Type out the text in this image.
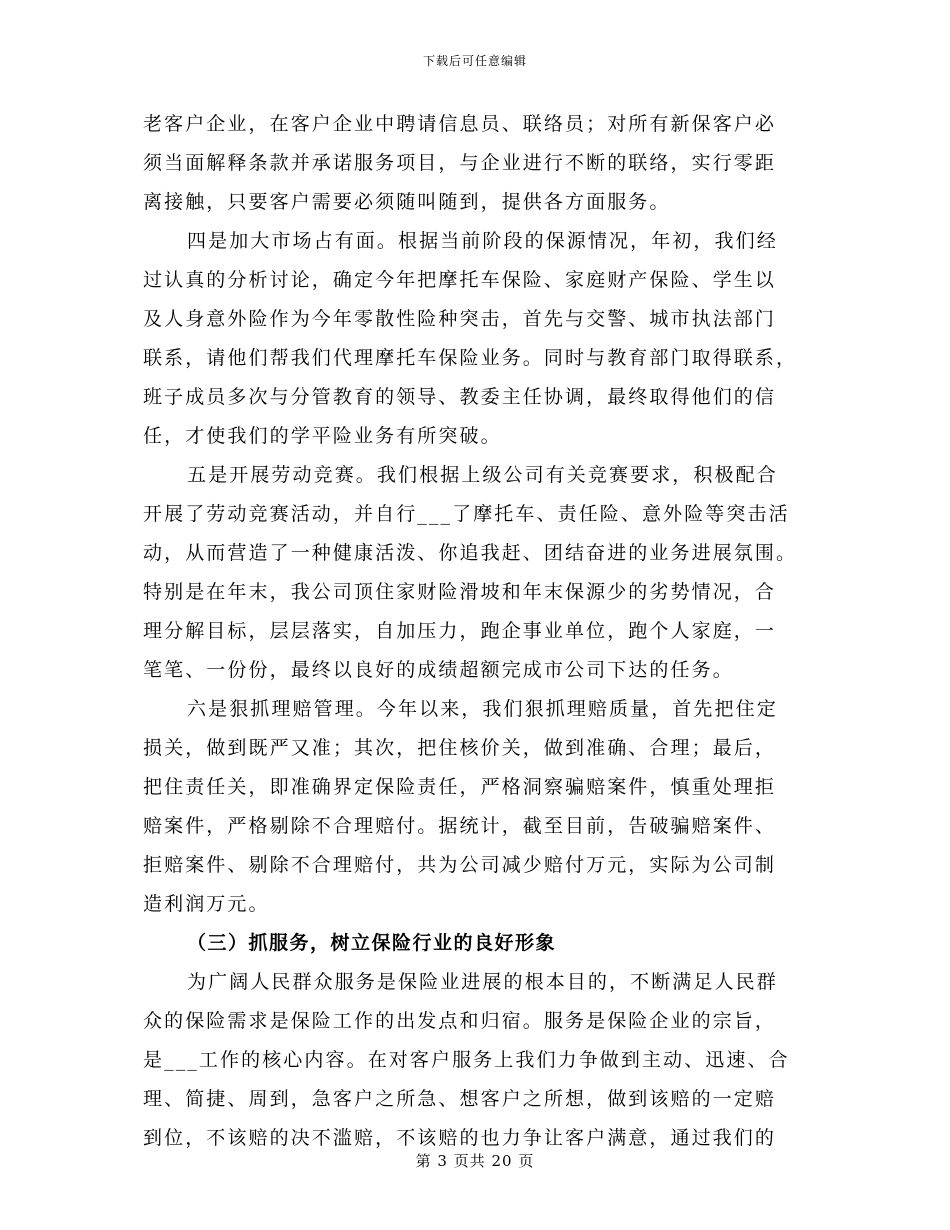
下载后可任意编辑
老客户企业，在客户企业中聘请信息员、联络员；对所有新保客户必
须当面解释条款并承诺服务项目，与企业进行不断的联络，实行零距
离接触，只要客户需要必须随叫随到，提供各方面服务。
四是加大市场占有面。根据当前阶段的保源情况，年初，我们经
过认真的分析讨论，确定今年把摩托车保险、家庭财产保险、学生以
及人身意外险作为今年零散性险种突击，首先与交警、城市执法部门
联系，请他们帮我们代理摩托车保险业务。同时与教育部门取得联系，
班子成员多次与分管教育的领导、教委主任协调，最终取得他们的信
任，才使我们的学平险业务有所突破。
五是开展劳动竞赛。我们根据上级公司有关竞赛要求，积极配合
开展了劳动竞赛活动，并自行___了摩托车、责任险、意外险等突击活
动，从而营造了一种健康活泼、你追我赶、团结奋进的业务进展氛围。
特别是在年末，我公司顶住家财险滑坡和年末保源少的劣势情况，合
理分解目标，层层落实，自加压力，跑企事业单位，跑个人家庭，一
笔笔、一份份，最终以良好的成绩超额完成市公司下达的任务。
六是狠抓理赔管理。今年以来，我们狠抓理赔质量，首先把住定
损关，做到既严又准；其次，把住核价关，做到准确、合理；最后，
把住责任关，即准确界定保险责任，严格洞察骗赔案件，慎重处理拒
赔案件，严格剔除不合理赔付。据统计，截至目前，告破骗赔案件、
拒赔案件、剔除不合理赔付，共为公司减少赔付万元，实际为公司制
造利润万元。
（三）抓服务，树立保险行业的良好形象
为广阔人民群众服务是保险业进展的根本目的，不断满足人民群
众的保险需求是保险工作的出发点和归宿。服务是保险企业的宗旨，
是___工作的核心内容。在对客户服务上我们力争做到主动、迅速、合
理、简捷、周到，急客户之所急、想客户之所想，做到该赔的一定赔
到位，不该赔的决不滥赔，不该赔的也力争让客户满意，通过我们的
第 3 页共 20 页
